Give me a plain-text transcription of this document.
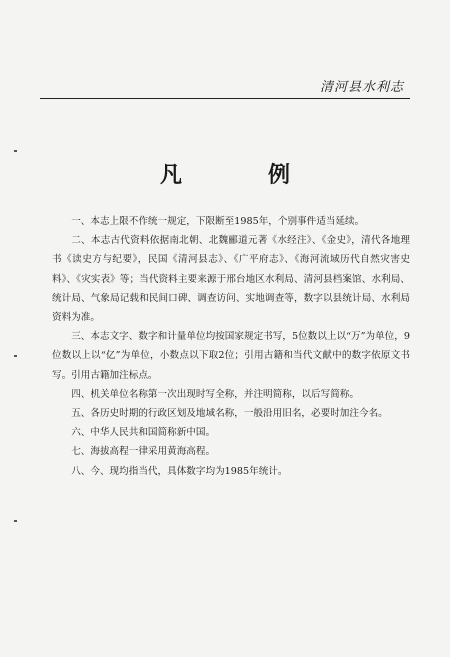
清河县水利志
凡　例

一、本志上限不作统一规定，下限断至1985年，个别事件适当延续。

二、本志古代资料依据南北朝、北魏郦道元著《水经注》、《金史》，清代各地理书《读史方与纪要》，民国《清河县志》、《广平府志》、《海河流域历代自然灾害史料》、《灾实表》等；当代资料主要来源于邢台地区水利局、清河县档案馆、水利局、统计局、气象局记载和民间口碑、调查访问、实地调查等，数字以县统计局、水利局资料为准。

三、本志文字、数字和计量单位均按国家规定书写，5位数以上以“万”为单位，9位数以上以“亿”为单位，小数点以下取2位；引用古籍和当代文献中的数字依原文书写。引用古籍加注标点。

四、机关单位名称第一次出现时写全称，并注明简称，以后写简称。

五、各历史时期的行政区划及地域名称，一般沿用旧名，必要时加注今名。

六、中华人民共和国简称新中国。

七、海拔高程一律采用黄海高程。

八、今、现均指当代，具体数字均为1985年统计。
